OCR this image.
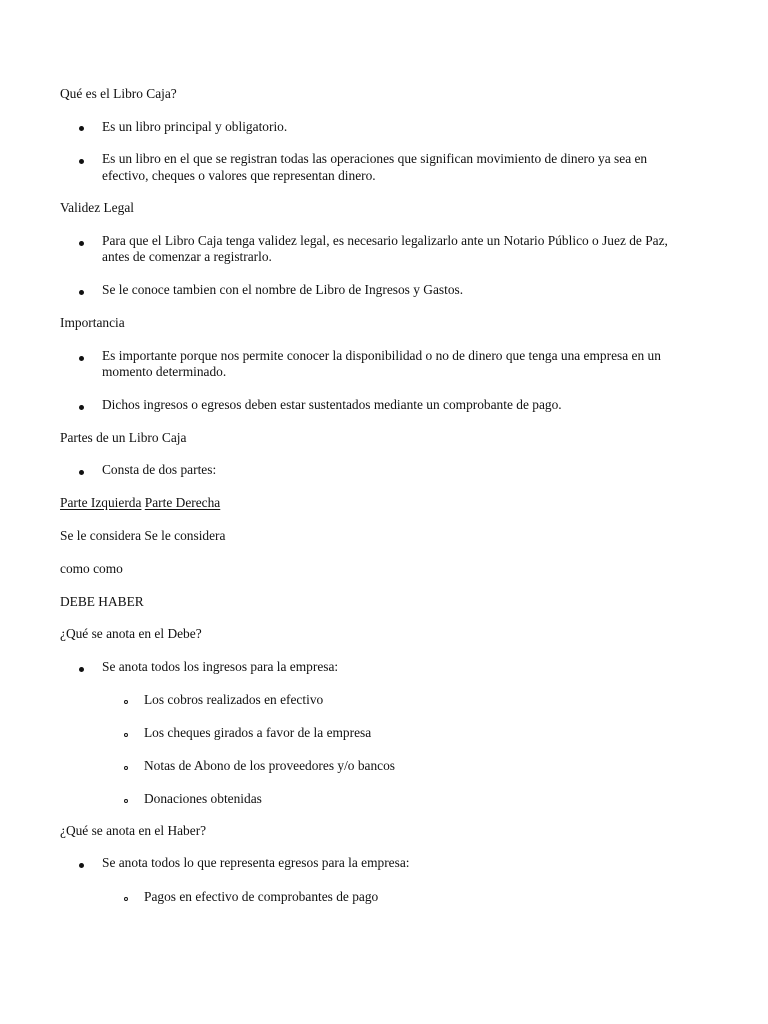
Qué es el Libro Caja?
Es un libro principal y obligatorio.
Es un libro en el que se registran todas las operaciones que significan movimiento de dinero ya sea en
efectivo, cheques o valores que representan dinero.
Validez Legal
Para que el Libro Caja tenga validez legal, es necesario legalizarlo ante un Notario Público o Juez de Paz,
antes de comenzar a registrarlo.
Se le conoce tambien con el nombre de Libro de Ingresos y Gastos.
Importancia
Es importante porque nos permite conocer la disponibilidad o no de dinero que tenga una empresa en un
momento determinado.
Dichos ingresos o egresos deben estar sustentados mediante un comprobante de pago.
Partes de un Libro Caja
Consta de dos partes:
Parte Izquierda Parte Derecha
Se le considera Se le considera
como como
DEBE HABER
¿Qué se anota en el Debe?
Se anota todos los ingresos para la empresa:
Los cobros realizados en efectivo
Los cheques girados a favor de la empresa
Notas de Abono de los proveedores y/o bancos
Donaciones obtenidas
¿Qué se anota en el Haber?
Se anota todos lo que representa egresos para la empresa:
Pagos en efectivo de comprobantes de pago
